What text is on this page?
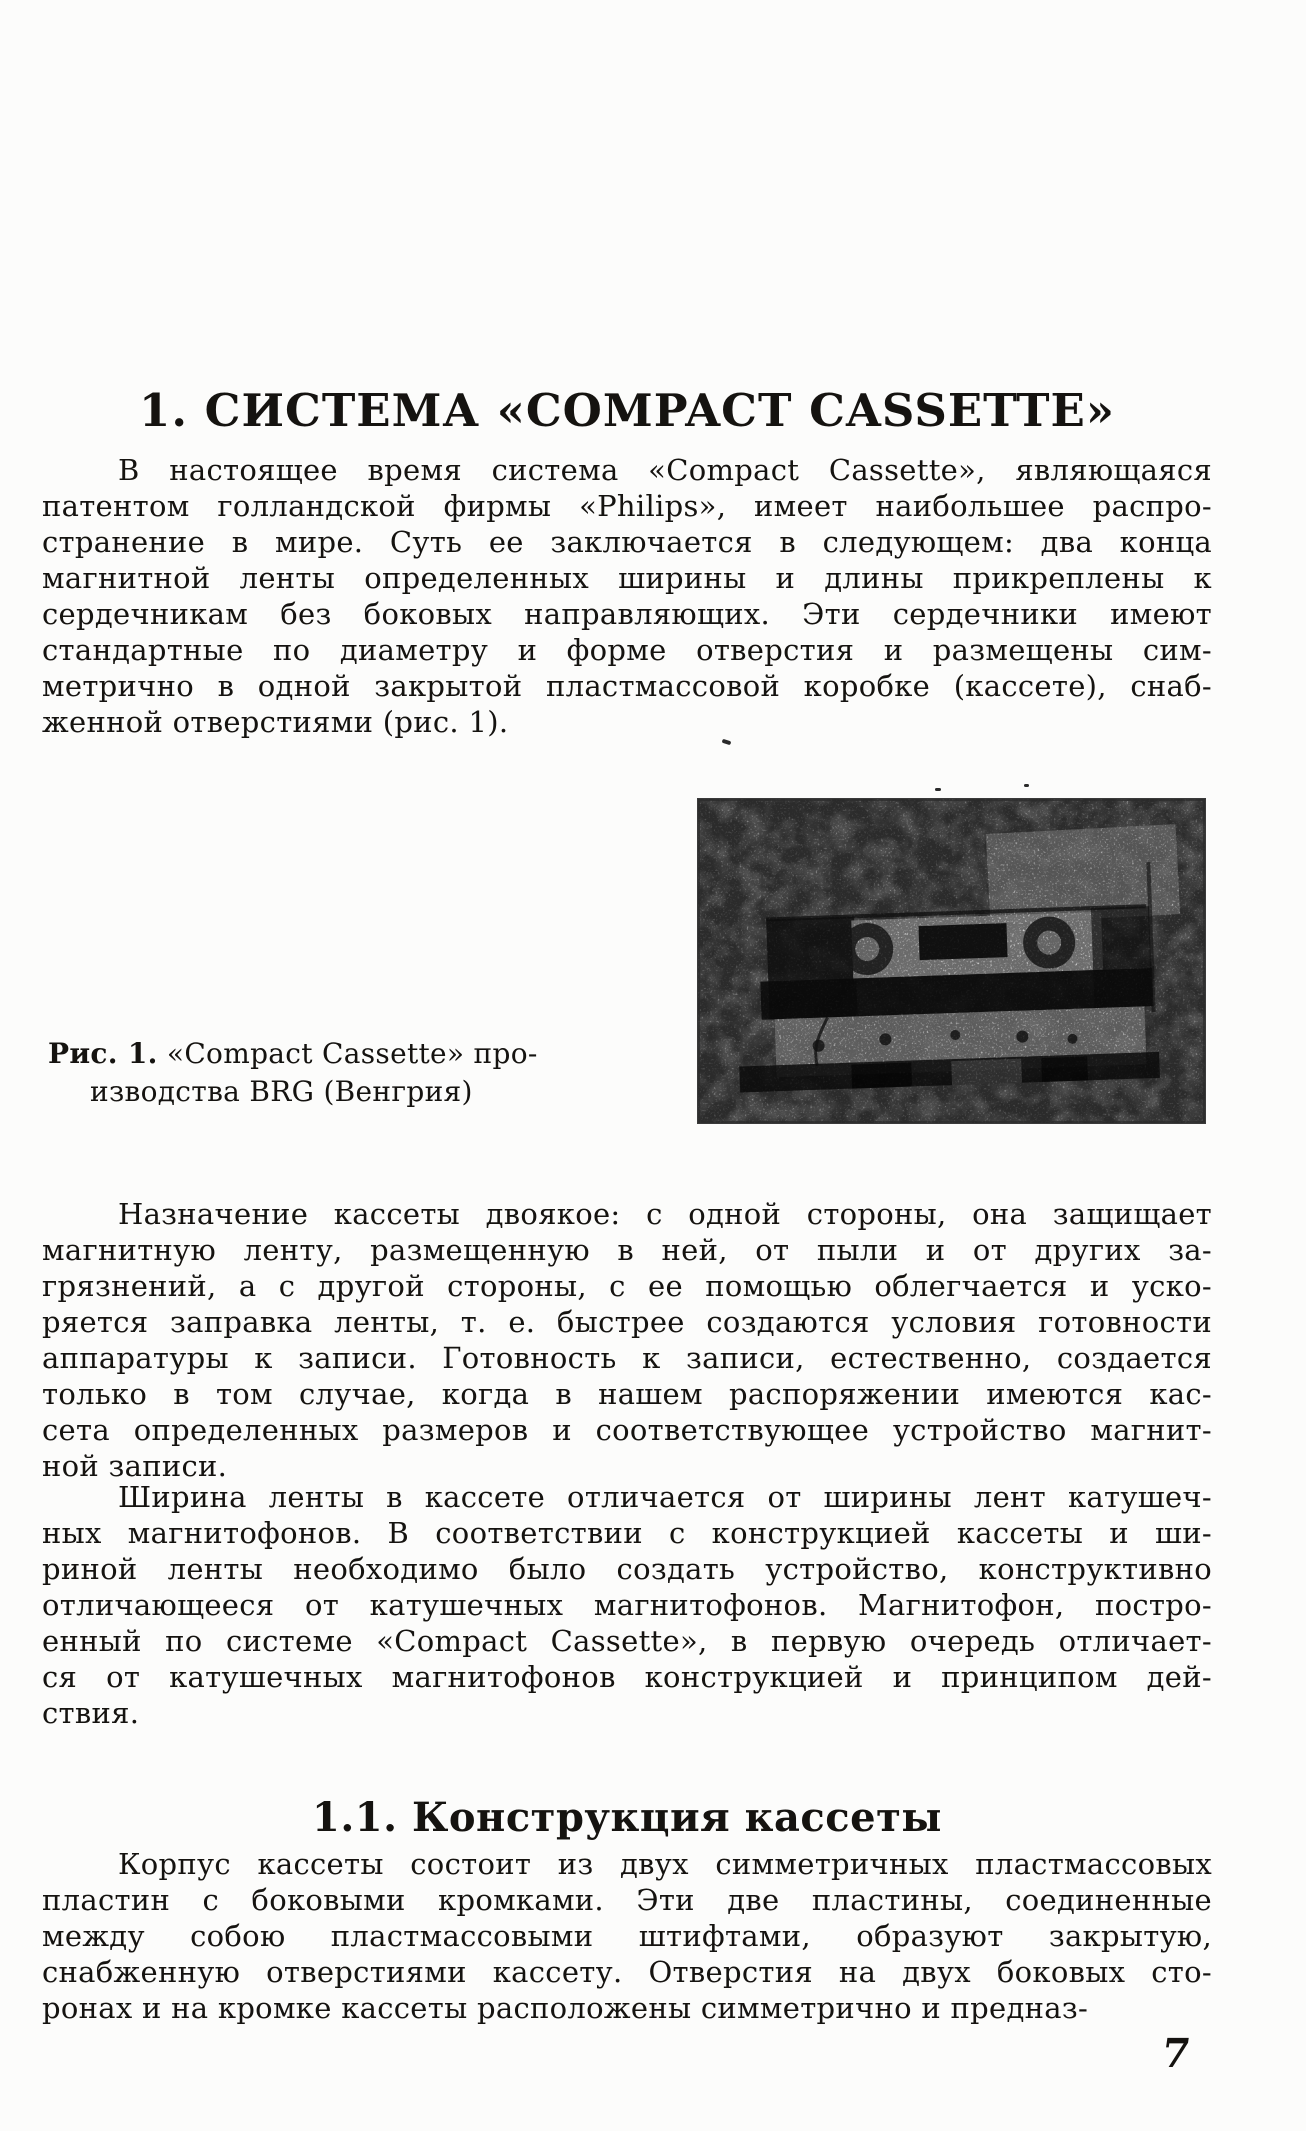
1. СИСТЕМА «COMPACT CASSETTE»
В настоящее время система «Compact Cassette», являющаяся
патентом голландской фирмы «Philips», имеет наибольшее распро-
странение в мире. Суть ее заключается в следующем: два конца
магнитной ленты определенных ширины и длины прикреплены к
сердечникам без боковых направляющих. Эти сердечники имеют
стандартные по диаметру и форме отверстия и размещены сим-
метрично в одной закрытой пластмассовой коробке (кассете), снаб-
женной отверстиями (рис. 1).
Рис. 1. «Compact Cassette» про-
изводства BRG (Венгрия)
Назначение кассеты двоякое: с одной стороны, она защищает
магнитную ленту, размещенную в ней, от пыли и от других за-
грязнений, а с другой стороны, с ее помощью облегчается и уско-
ряется заправка ленты, т. е. быстрее создаются условия готовности
аппаратуры к записи. Готовность к записи, естественно, создается
только в том случае, когда в нашем распоряжении имеются кас-
сета определенных размеров и соответствующее устройство магнит-
ной записи.
Ширина ленты в кассете отличается от ширины лент катушеч-
ных магнитофонов. В соответствии с конструкцией кассеты и ши-
риной ленты необходимо было создать устройство, конструктивно
отличающееся от катушечных магнитофонов. Магнитофон, постро-
енный по системе «Compact Cassette», в первую очередь отличает-
ся от катушечных магнитофонов конструкцией и принципом дей-
ствия.
1.1. Конструкция кассеты
Корпус кассеты состоит из двух симметричных пластмассовых
пластин с боковыми кромками. Эти две пластины, соединенные
между собою пластмассовыми штифтами, образуют закрытую,
снабженную отверстиями кассету. Отверстия на двух боковых сто-
ронах и на кромке кассеты расположены симметрично и предназ-
7
